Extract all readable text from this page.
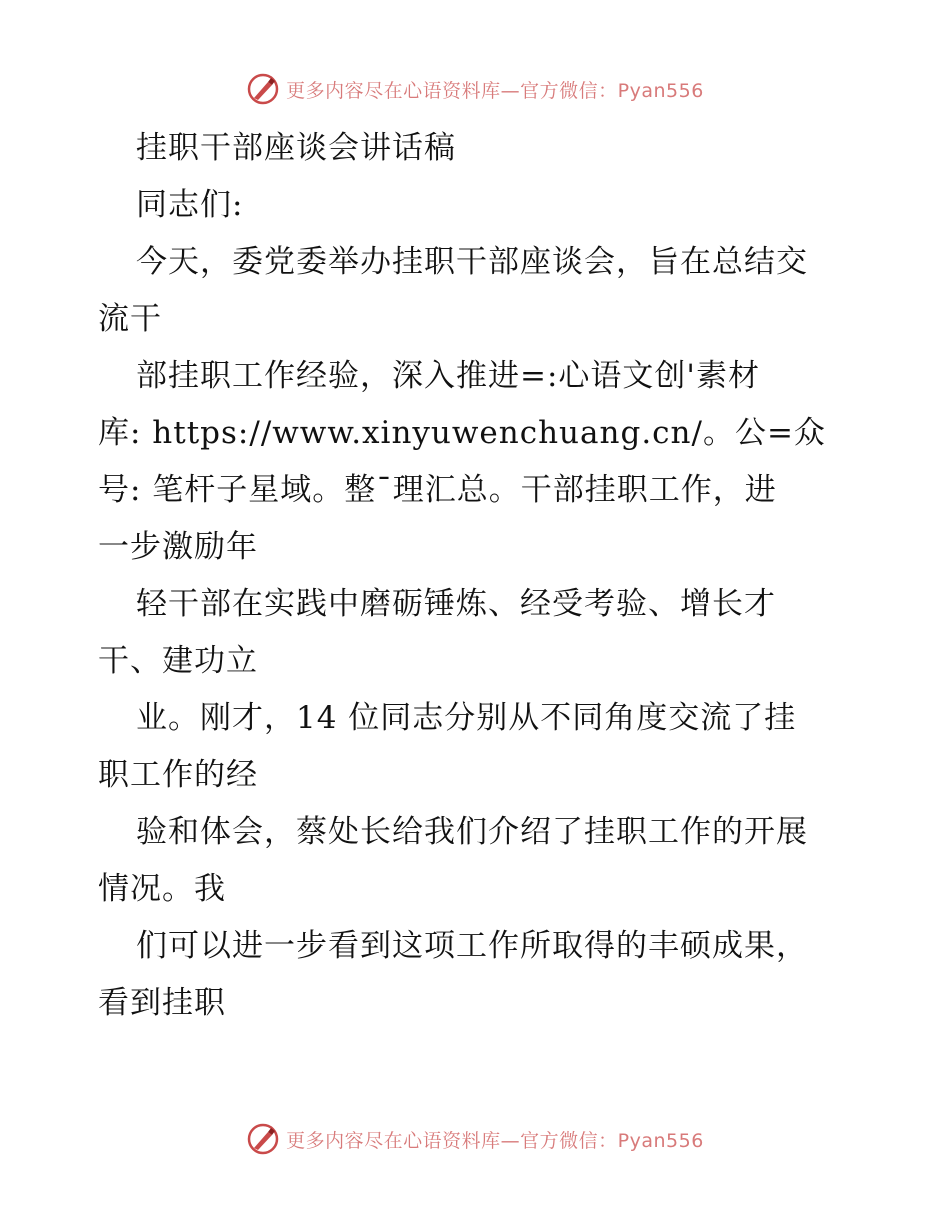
更多内容尽在心语资料库—官方微信：Pyan556
挂职干部座谈会讲话稿
同志们:
今天，委党委举办挂职干部座谈会，旨在总结交
流干
部挂职工作经验，深入推进=:心语文创'素材
库: https://www.xinyuwenchuang.cn/。公=众
号: 笔杆子星域。整¯理汇总。干部挂职工作，进
一步激励年
轻干部在实践中磨砺锤炼、经受考验、增长才
干、建功立
业。刚才，14 位同志分别从不同角度交流了挂
职工作的经
验和体会，蔡处长给我们介绍了挂职工作的开展
情况。我
们可以进一步看到这项工作所取得的丰硕成果，
看到挂职
更多内容尽在心语资料库—官方微信：Pyan556
